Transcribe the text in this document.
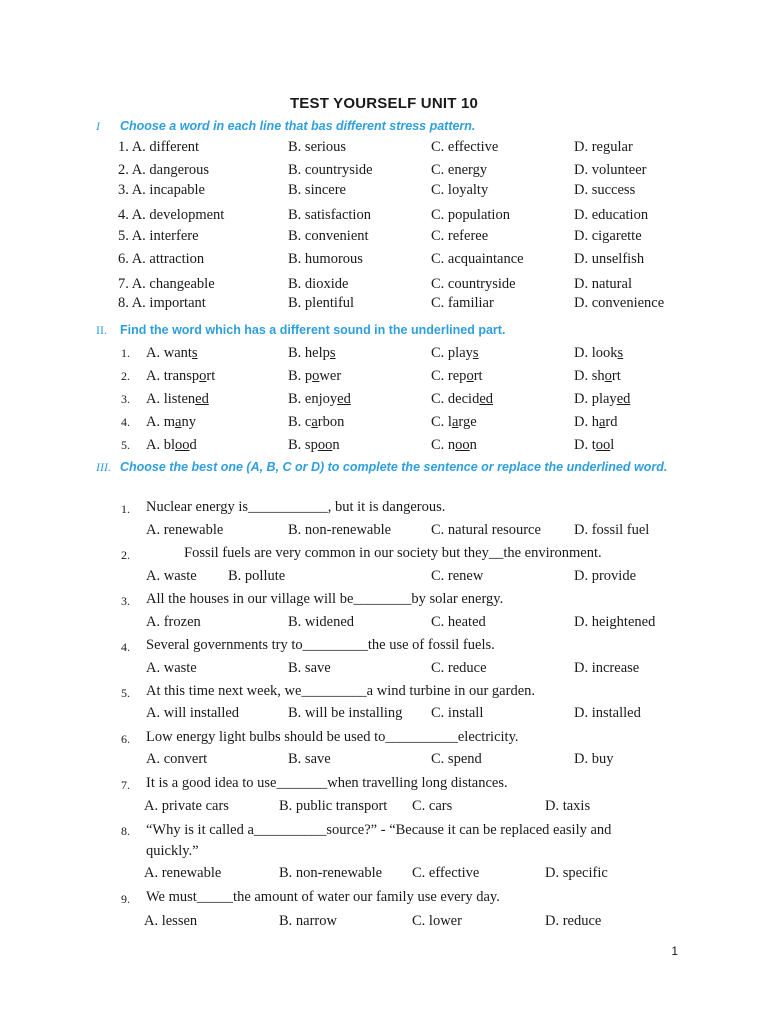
TEST YOURSELF UNIT 10
I Choose a word in each line that bas different stress pattern.
1. A. different	B. serious	C. effective	D. regular
2. A. dangerous	B. countryside	C. energy	D. volunteer
3. A. incapable	B. sincere	C. loyalty	D. success
4. A. development	B. satisfaction	C. population	D. education
5. A. interfere	B. convenient	C. referee	D. cigarette
6. A. attraction	B. humorous	C. acquaintance	D. unselfish
7. A. changeable	B. dioxide	C. countryside	D. natural
8. A. important	B. plentiful	C. familiar	D. convenience
II. Find the word which has a different sound in the underlined part.
1. A. wants	B. helps	C. plays	D. looks
2. A. transport	B. power	C. report	D. short
3. A. listened	B. enjoyed	C. decided	D. played
4. A. many	B. carbon	C. large	D. hard
5. A. blood	B. spoon	C. noon	D. tool
III. Choose the best one (A, B, C or D) to complete the sentence or replace the underlined word.
1. Nuclear energy is___________, but it is dangerous.
A. renewable	B. non-renewable	C. natural resource D. fossil fuel
2.	Fossil fuels are very common in our society but they__the environment.
A. waste B. pollute	C. renew	D. provide
3. All the houses in our village will be________by solar energy.
A. frozen	B. widened	C. heated	D. heightened
4. Several governments try to_________the use of fossil fuels.
A. waste	B. save	C. reduce	D. increase
5. At this time next week, we_________a wind turbine in our garden.
A. will installed	B. will be installing C. install	D. installed
6. Low energy light bulbs should be used to__________electricity.
A. convert	B. save	C. spend	D. buy
7. It is a good idea to use_______when travelling long distances.
A. private cars	B. public transport C. cars	D. taxis
8. “Why is it called a__________source?” - “Because it can be replaced easily and quickly.”
A. renewable	B. non-renewable C. effective	D. specific
9. We must_____the amount of water our family use every day.
A. lessen	B. narrow	C. lower	D. reduce
1
